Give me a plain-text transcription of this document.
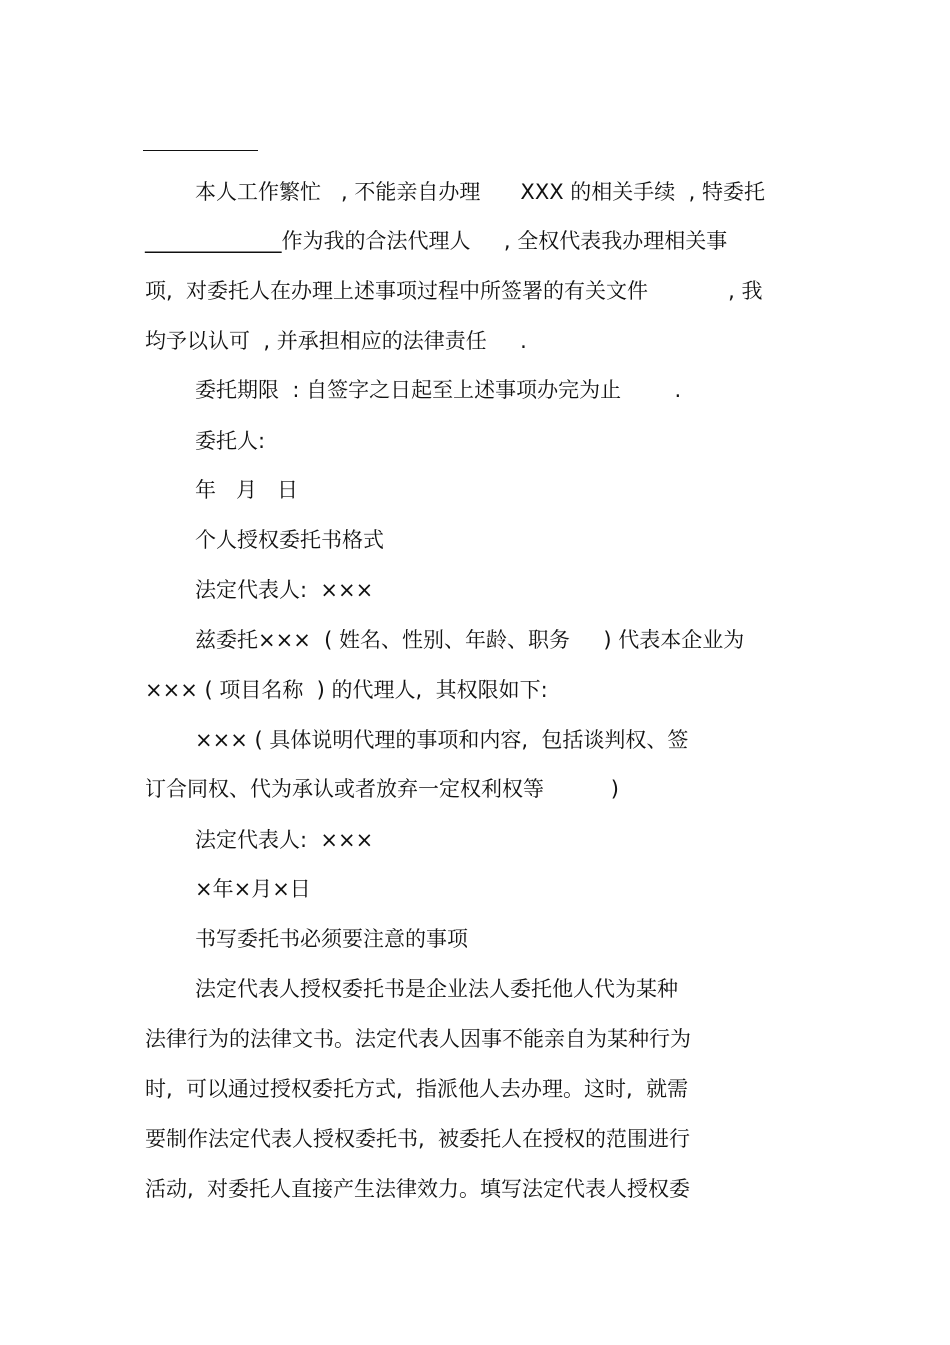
本人工作繁忙   , 不能亲自办理      XXX 的相关手续  , 特委托

_____________作为我的合法代理人     , 全权代表我办理相关事

项,  对委托人在办理上述事项过程中所签署的有关文件            , 我

均予以认可  , 并承担相应的法律责任     .

委托期限  : 自签字之日起至上述事项办完为止        .

委托人:

年   月   日

个人授权委托书格式

法定代表人:  ×××

兹委托×××  ( 姓名、性别、年龄、职务     ) 代表本企业为

××× ( 项目名称  ) 的代理人,  其权限如下:

××× ( 具体说明代理的事项和内容,  包括谈判权、签

订合同权、代为承认或者放弃一定权利权等          )

法定代表人:  ×××

×年×月×日

书写委托书必须要注意的事项

法定代表人授权委托书是企业法人委托他人代为某种

法律行为的法律文书。法定代表人因事不能亲自为某种行为

时,  可以通过授权委托方式,  指派他人去办理。这时,  就需

要制作法定代表人授权委托书,  被委托人在授权的范围进行

活动,  对委托人直接产生法律效力。填写法定代表人授权委
